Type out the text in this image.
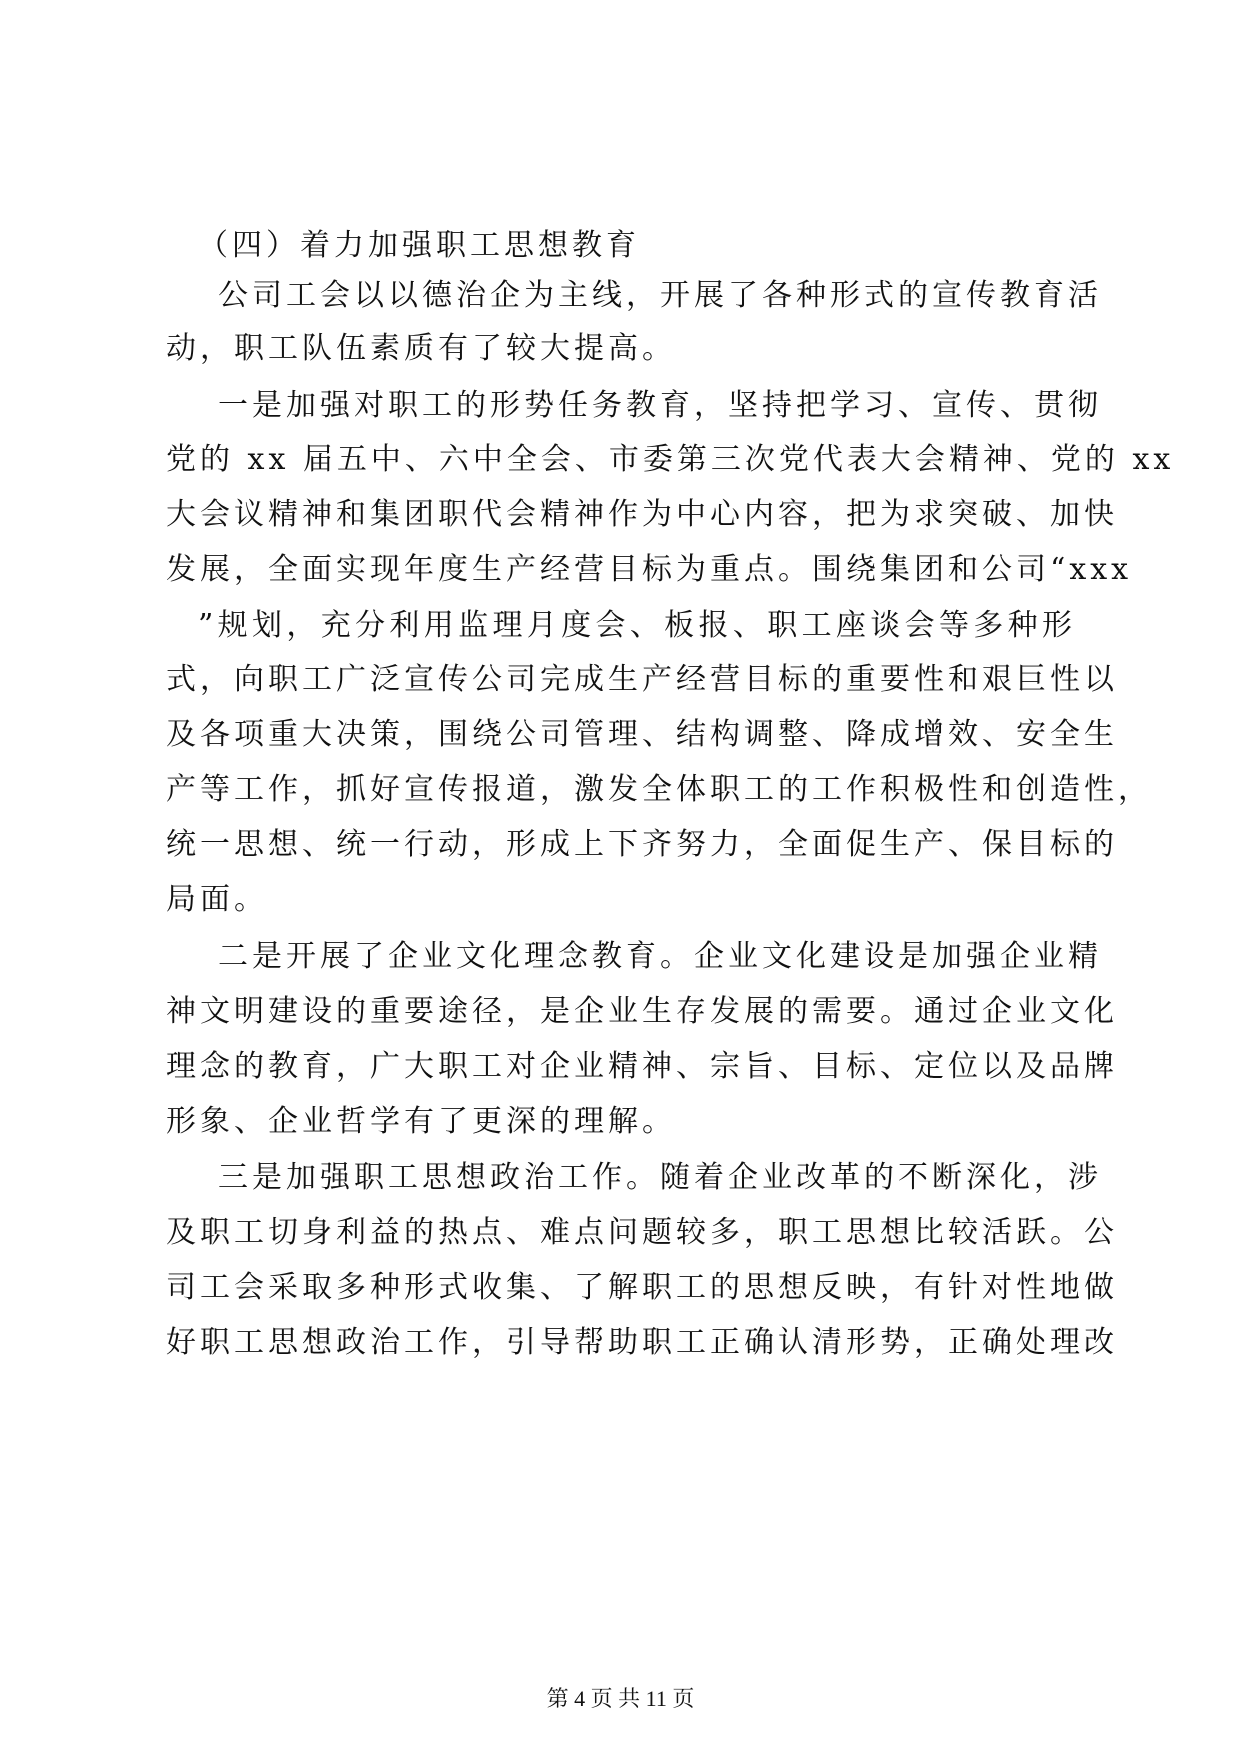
（四）着力加强职工思想教育
公司工会以以德治企为主线，开展了各种形式的宣传教育活
动，职工队伍素质有了较大提高。
一是加强对职工的形势任务教育，坚持把学习、宣传、贯彻
党的 xx 届五中、六中全会、市委第三次党代表大会精神、党的 xx
大会议精神和集团职代会精神作为中心内容，把为求突破、加快
发展，全面实现年度生产经营目标为重点。围绕集团和公司“xxx
”规划，充分利用监理月度会、板报、职工座谈会等多种形
式，向职工广泛宣传公司完成生产经营目标的重要性和艰巨性以
及各项重大决策，围绕公司管理、结构调整、降成增效、安全生
产等工作，抓好宣传报道，激发全体职工的工作积极性和创造性，
统一思想、统一行动，形成上下齐努力，全面促生产、保目标的
局面。
二是开展了企业文化理念教育。企业文化建设是加强企业精
神文明建设的重要途径，是企业生存发展的需要。通过企业文化
理念的教育，广大职工对企业精神、宗旨、目标、定位以及品牌
形象、企业哲学有了更深的理解。
三是加强职工思想政治工作。随着企业改革的不断深化，涉
及职工切身利益的热点、难点问题较多，职工思想比较活跃。公
司工会采取多种形式收集、了解职工的思想反映，有针对性地做
好职工思想政治工作，引导帮助职工正确认清形势，正确处理改
第 4 页 共 11 页
